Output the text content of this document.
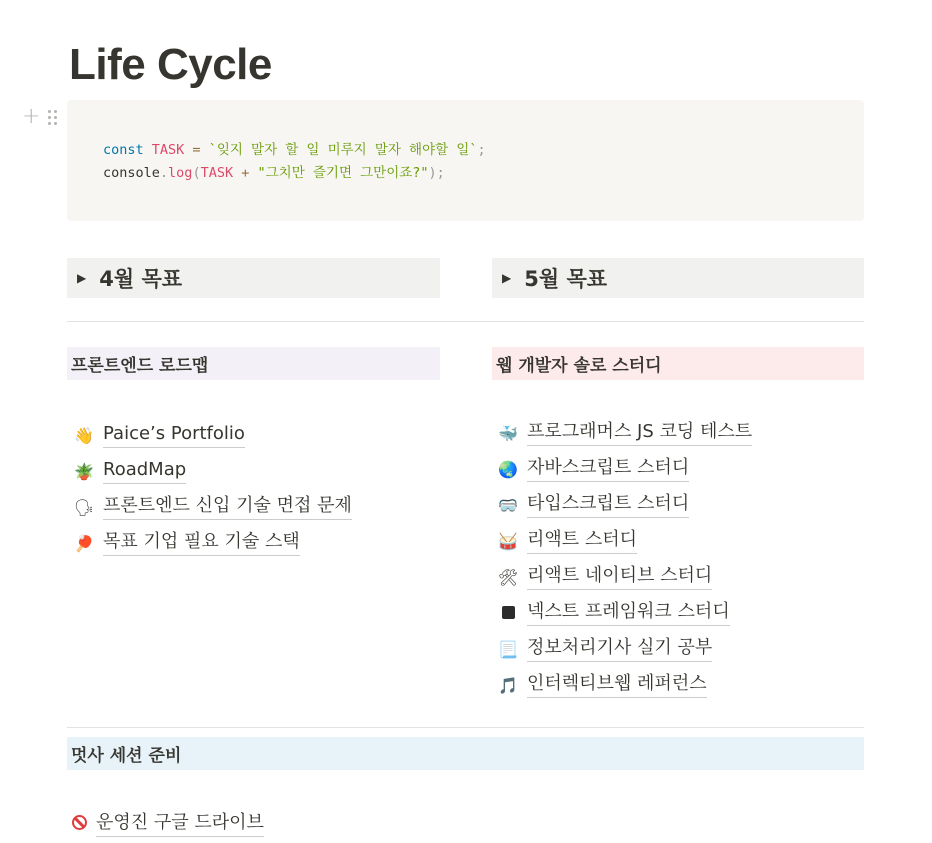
Life Cycle
+
const TASK = `잊지 말자 할 일 미루지 말자 해야할 일`;
console.log(TASK + "그치만 즐기면 그만이죠?");
▶ 4월 목표	▶ 5월 목표
프론트엔드 로드맵	웹 개발자 솔로 스터디
👋 Paice’s Portfolio
🪴 RoadMap
🗣 프론트엔드 신입 기술 면접 문제
🏓 목표 기업 필요 기술 스택
🐳 프로그래머스 JS 코딩 테스트
🌏 자바스크립트 스터디
🥽 타입스크립트 스터디
🥁 리액트 스터디
🛠 리액트 네이티브 스터디
넥스트 프레임워크 스터디
📃 정보처리기사 실기 공부
🎵 인터렉티브웹 레퍼런스
멋사 세션 준비
운영진 구글 드라이브
